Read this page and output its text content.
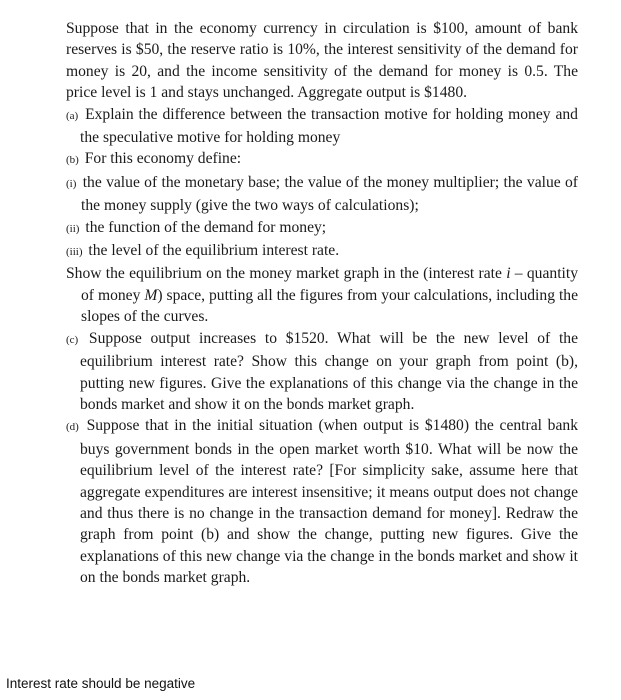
Suppose that in the economy currency in circulation is $100, amount of bank reserves is $50, the reserve ratio is 10%, the interest sensitivity of the demand for money is 20, and the income sensitivity of the demand for money is 0.5. The price level is 1 and stays unchanged. Aggregate output is $1480.

(a) Explain the difference between the transaction motive for holding money and the speculative motive for holding money

(b) For this economy define:

(i) the value of the monetary base; the value of the money multiplier; the value of the money supply (give the two ways of calculations);

(ii) the function of the demand for money;

(iii) the level of the equilibrium interest rate.

Show the equilibrium on the money market graph in the (interest rate i – quantity of money M) space, putting all the figures from your calculations, including the slopes of the curves.

(c) Suppose output increases to $1520. What will be the new level of the equilibrium interest rate? Show this change on your graph from point (b), putting new figures. Give the explanations of this change via the change in the bonds market and show it on the bonds market graph.

(d) Suppose that in the initial situation (when output is $1480) the central bank buys government bonds in the open market worth $10. What will be now the equilibrium level of the interest rate? [For simplicity sake, assume here that aggregate expenditures are interest insensitive; it means output does not change and thus there is no change in the transaction demand for money]. Redraw the graph from point (b) and show the change, putting new figures. Give the explanations of this new change via the change in the bonds market and show it on the bonds market graph.

Interest rate should be negative
